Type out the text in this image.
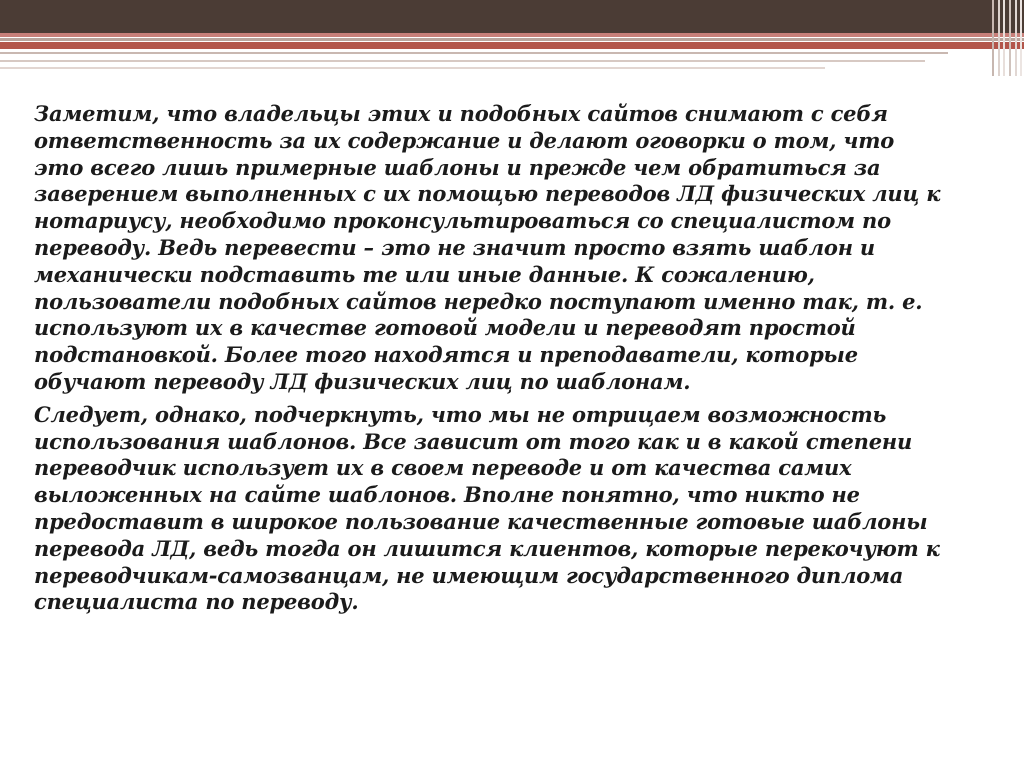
Заметим, что владельцы этих и подобных сайтов снимают с себя
ответственность за их содержание и делают оговорки о том, что
это всего лишь примерные шаблоны и прежде чем обратиться за
заверением выполненных с их помощью переводов ЛД физических лиц к
нотариусу, необходимо проконсультироваться со специалистом по
переводу. Ведь перевести – это не значит просто взять шаблон и
механически подставить те или иные данные. К сожалению,
пользователи подобных сайтов нередко поступают именно так, т. е.
используют их в качестве готовой модели и переводят простой
подстановкой. Более того находятся и преподаватели, которые
обучают переводу ЛД физических лиц по шаблонам.

Следует, однако, подчеркнуть, что мы не отрицаем возможность
использования шаблонов. Все зависит от того как и в какой степени
переводчик использует их в своем переводе и от качества самих
выложенных на сайте шаблонов. Вполне понятно, что никто не
предоставит в широкое пользование качественные готовые шаблоны
перевода ЛД, ведь тогда он лишится клиентов, которые перекочуют к
переводчикам-самозванцам, не имеющим государственного диплома
специалиста по переводу.
